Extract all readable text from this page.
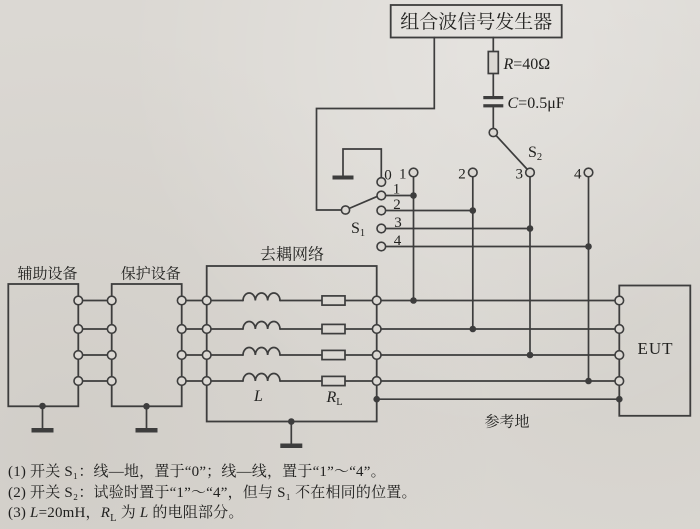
组合波信号发生器
R=40Ω
C=0.5μF
S2
S1
0
1
2
3
4
1	2	3	4
辅助设备	保护设备
去耦网络
EUT
L	RL
参考地
(1) 开关 S₁：线—地，置于“0”；线—线，置于“1”～“4”。
(2) 开关 S₂：试验时置于“1”～“4”，但与 S₁ 不在相同的位置。
(3) L=20mH，$R_L$ 为 L 的电阻部分。
